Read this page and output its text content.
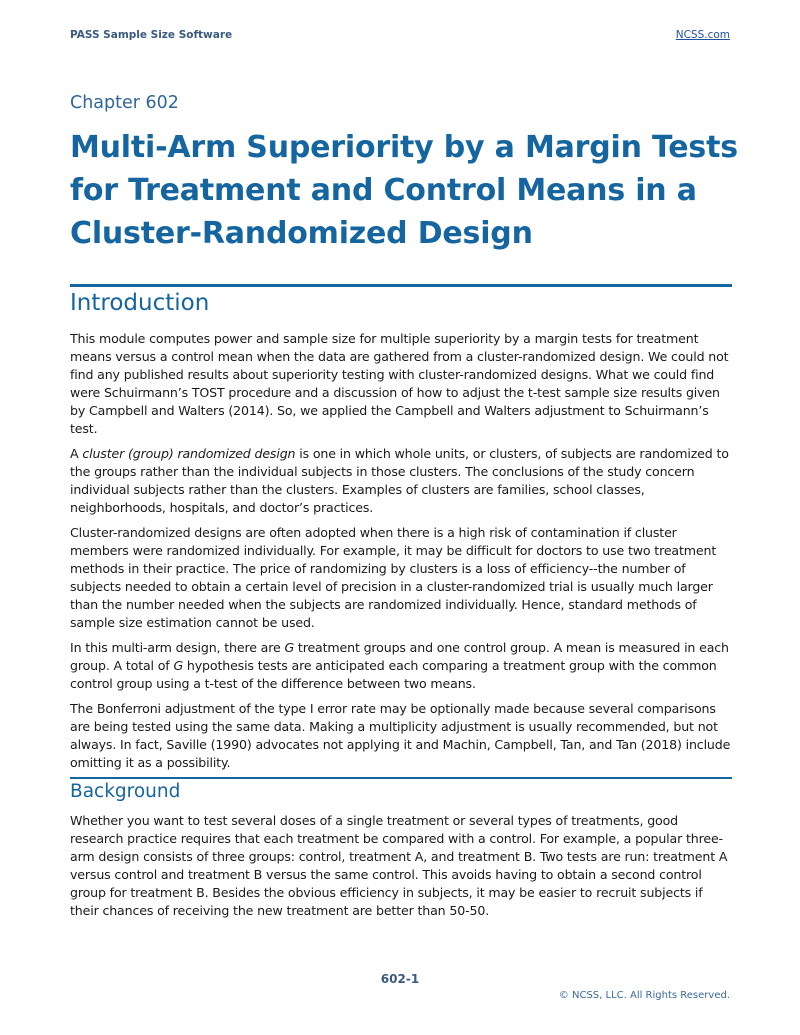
PASS Sample Size Software	NCSS.com
Chapter 602
Multi-Arm Superiority by a Margin Tests for Treatment and Control Means in a Cluster-Randomized Design
Introduction

This module computes power and sample size for multiple superiority by a margin tests for treatment means versus a control mean when the data are gathered from a cluster-randomized design. We could not find any published results about superiority testing with cluster-randomized designs. What we could find were Schuirmann’s TOST procedure and a discussion of how to adjust the t-test sample size results given by Campbell and Walters (2014). So, we applied the Campbell and Walters adjustment to Schuirmann’s test.

A cluster (group) randomized design is one in which whole units, or clusters, of subjects are randomized to the groups rather than the individual subjects in those clusters. The conclusions of the study concern individual subjects rather than the clusters. Examples of clusters are families, school classes, neighborhoods, hospitals, and doctor’s practices.

Cluster-randomized designs are often adopted when there is a high risk of contamination if cluster members were randomized individually. For example, it may be difficult for doctors to use two treatment methods in their practice. The price of randomizing by clusters is a loss of efficiency--the number of subjects needed to obtain a certain level of precision in a cluster-randomized trial is usually much larger than the number needed when the subjects are randomized individually. Hence, standard methods of sample size estimation cannot be used.

In this multi-arm design, there are G treatment groups and one control group. A mean is measured in each group. A total of G hypothesis tests are anticipated each comparing a treatment group with the common control group using a t-test of the difference between two means.

The Bonferroni adjustment of the type I error rate may be optionally made because several comparisons are being tested using the same data. Making a multiplicity adjustment is usually recommended, but not always. In fact, Saville (1990) advocates not applying it and Machin, Campbell, Tan, and Tan (2018) include omitting it as a possibility.

Background

Whether you want to test several doses of a single treatment or several types of treatments, good research practice requires that each treatment be compared with a control. For example, a popular three-arm design consists of three groups: control, treatment A, and treatment B. Two tests are run: treatment A versus control and treatment B versus the same control. This avoids having to obtain a second control group for treatment B. Besides the obvious efficiency in subjects, it may be easier to recruit subjects if their chances of receiving the new treatment are better than 50-50.

602-1
© NCSS, LLC. All Rights Reserved.
